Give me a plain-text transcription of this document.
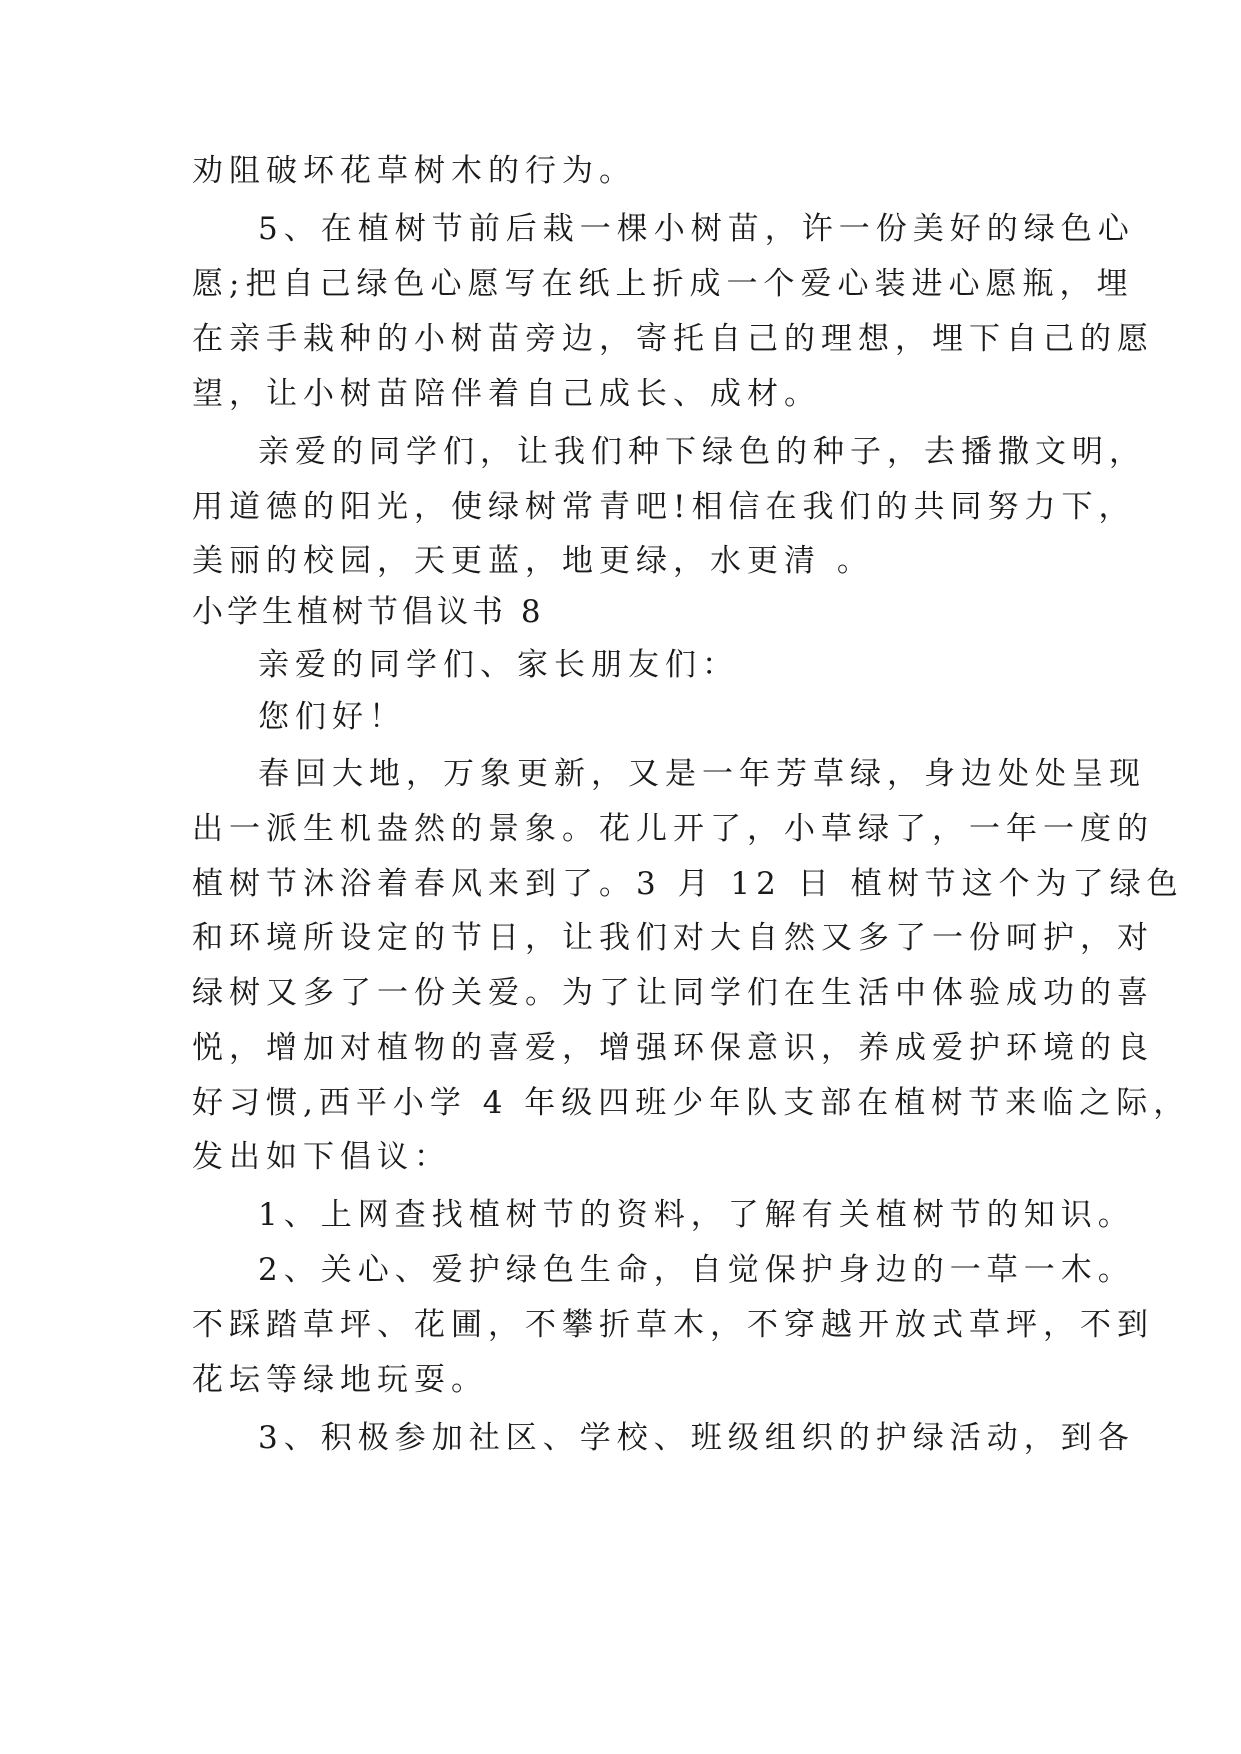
劝阻破坏花草树木的行为。
5、在植树节前后栽一棵小树苗，许一份美好的绿色心
愿;把自己绿色心愿写在纸上折成一个爱心装进心愿瓶，埋
在亲手栽种的小树苗旁边，寄托自己的理想，埋下自己的愿
望，让小树苗陪伴着自己成长、成材。
亲爱的同学们，让我们种下绿色的种子，去播撒文明，
用道德的阳光，使绿树常青吧!相信在我们的共同努力下，
美丽的校园，天更蓝，地更绿，水更清 。
小学生植树节倡议书 8
亲爱的同学们、家长朋友们：
您们好！
春回大地，万象更新，又是一年芳草绿，身边处处呈现
出一派生机盎然的景象。花儿开了，小草绿了，一年一度的
植树节沐浴着春风来到了。3 月 12 日 植树节这个为了绿色
和环境所设定的节日，让我们对大自然又多了一份呵护，对
绿树又多了一份关爱。为了让同学们在生活中体验成功的喜
悦，增加对植物的喜爱，增强环保意识，养成爱护环境的良
好习惯,西平小学 4 年级四班少年队支部在植树节来临之际，
发出如下倡议：
1、上网查找植树节的资料，了解有关植树节的知识。
2、关心、爱护绿色生命，自觉保护身边的一草一木。
不踩踏草坪、花圃，不攀折草木，不穿越开放式草坪，不到
花坛等绿地玩耍。
3、积极参加社区、学校、班级组织的护绿活动，到各
